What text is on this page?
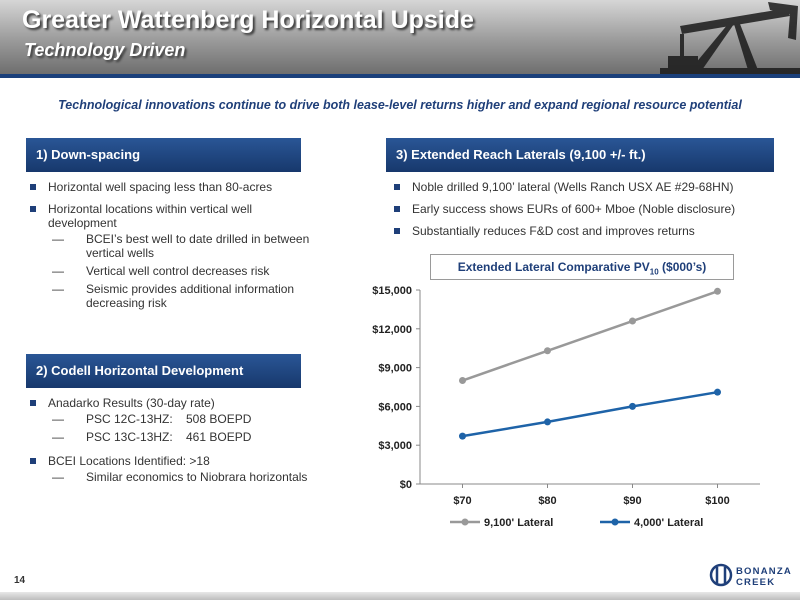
Greater Wattenberg Horizontal Upside
Technology Driven
Technological innovations continue to drive both lease-level returns higher and expand regional resource potential
1) Down-spacing
Horizontal well spacing less than 80-acres
Horizontal locations within vertical well development
— BCEI’s best well to date drilled in between vertical wells
— Vertical well control decreases risk
— Seismic provides additional information decreasing risk
2) Codell Horizontal Development
Anadarko Results (30-day rate)
— PSC 12C-13HZ: 508 BOEPD
— PSC 13C-13HZ: 461 BOEPD
BCEI Locations Identified: >18
— Similar economics to Niobrara horizontals
3) Extended Reach Laterals (9,100 +/- ft.)
Noble drilled 9,100’ lateral (Wells Ranch USX AE #29-68HN)
Early success shows EURs of 600+ Mboe (Noble disclosure)
Substantially reduces F&D cost and improves returns
Extended Lateral Comparative $PV_{10}$ ($000’s)
$0
$3,000
$6,000
$9,000
$12,000
$15,000
$70	$80	$90	$100
9,100' Lateral	4,000' Lateral
14
BONANZA
CREEK
